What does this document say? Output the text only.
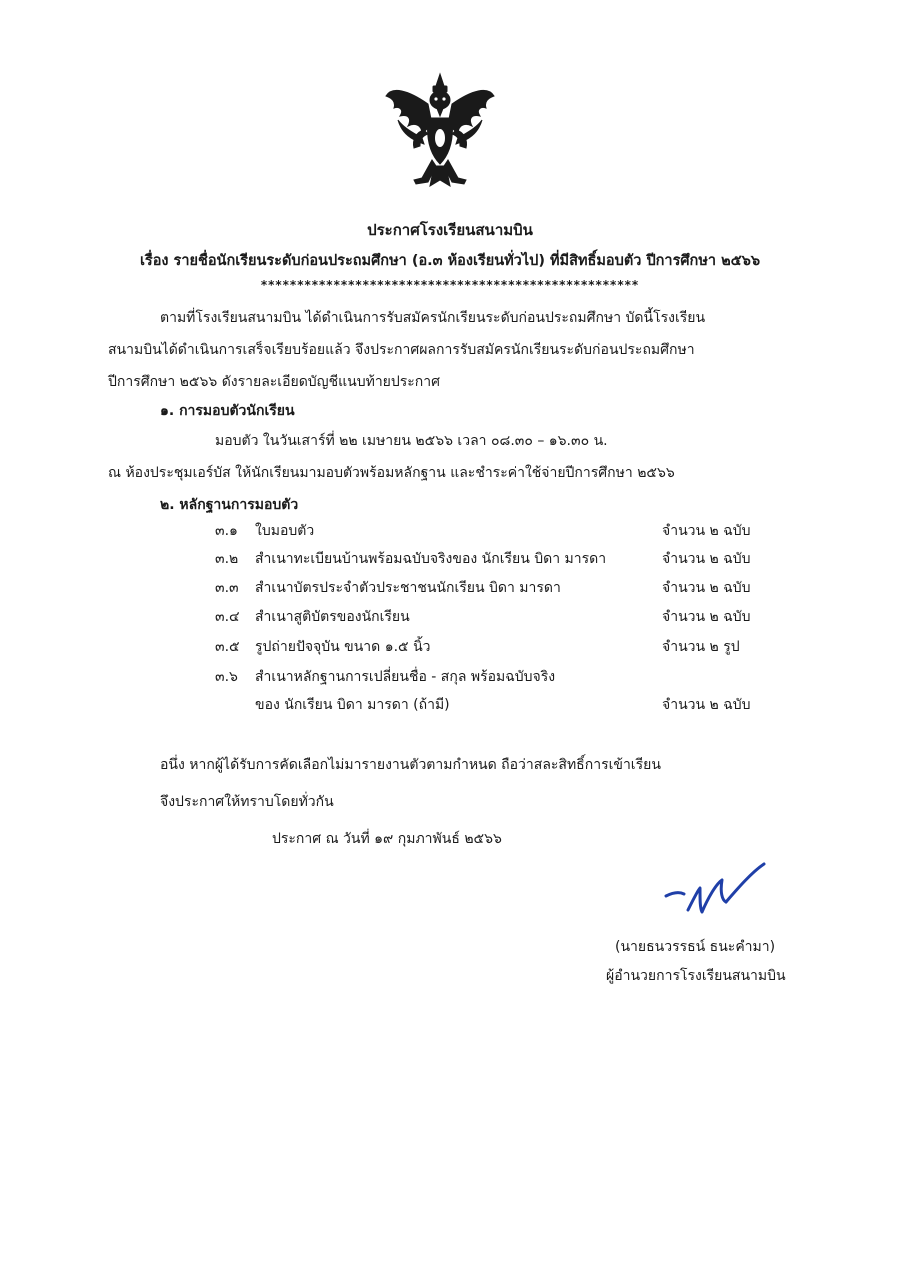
ประกาศโรงเรียนสนามบิน
เรื่อง รายชื่อนักเรียนระดับก่อนประถมศึกษา (อ.๓ ห้องเรียนทั่วไป) ที่มีสิทธิ์มอบตัว ปีการศึกษา ๒๕๖๖
****************************************************
ตามที่โรงเรียนสนามบิน ได้ดำเนินการรับสมัครนักเรียนระดับก่อนประถมศึกษา บัดนี้โรงเรียน
สนามบินได้ดำเนินการเสร็จเรียบร้อยแล้ว จึงประกาศผลการรับสมัครนักเรียนระดับก่อนประถมศึกษา
ปีการศึกษา ๒๕๖๖ ดังรายละเอียดบัญชีแนบท้ายประกาศ
๑. การมอบตัวนักเรียน
มอบตัว ในวันเสาร์ที่ ๒๒ เมษายน ๒๕๖๖ เวลา ๐๘.๓๐ – ๑๖.๓๐ น.
ณ ห้องประชุมเอร์บัส ให้นักเรียนมามอบตัวพร้อมหลักฐาน และชำระค่าใช้จ่ายปีการศึกษา ๒๕๖๖
๒. หลักฐานการมอบตัว
๓.๑ ใบมอบตัว	จำนวน ๒ ฉบับ
๓.๒ สำเนาทะเบียนบ้านพร้อมฉบับจริงของ นักเรียน บิดา มารดา	จำนวน ๒ ฉบับ
๓.๓ สำเนาบัตรประจำตัวประชาชนนักเรียน บิดา มารดา	จำนวน ๒ ฉบับ
๓.๔ สำเนาสูติบัตรของนักเรียน	จำนวน ๒ ฉบับ
๓.๕ รูปถ่ายปัจจุบัน ขนาด ๑.๕ นิ้ว	จำนวน ๒ รูป
๓.๖ สำเนาหลักฐานการเปลี่ยนชื่อ - สกุล พร้อมฉบับจริง
ของ นักเรียน บิดา มารดา (ถ้ามี)	จำนวน ๒ ฉบับ
อนึ่ง หากผู้ได้รับการคัดเลือกไม่มารายงานตัวตามกำหนด ถือว่าสละสิทธิ์การเข้าเรียน
จึงประกาศให้ทราบโดยทั่วกัน
ประกาศ ณ วันที่ ๑๙ กุมภาพันธ์ ๒๕๖๖
(นายธนวรรธน์ ธนะคำมา)
ผู้อำนวยการโรงเรียนสนามบิน
